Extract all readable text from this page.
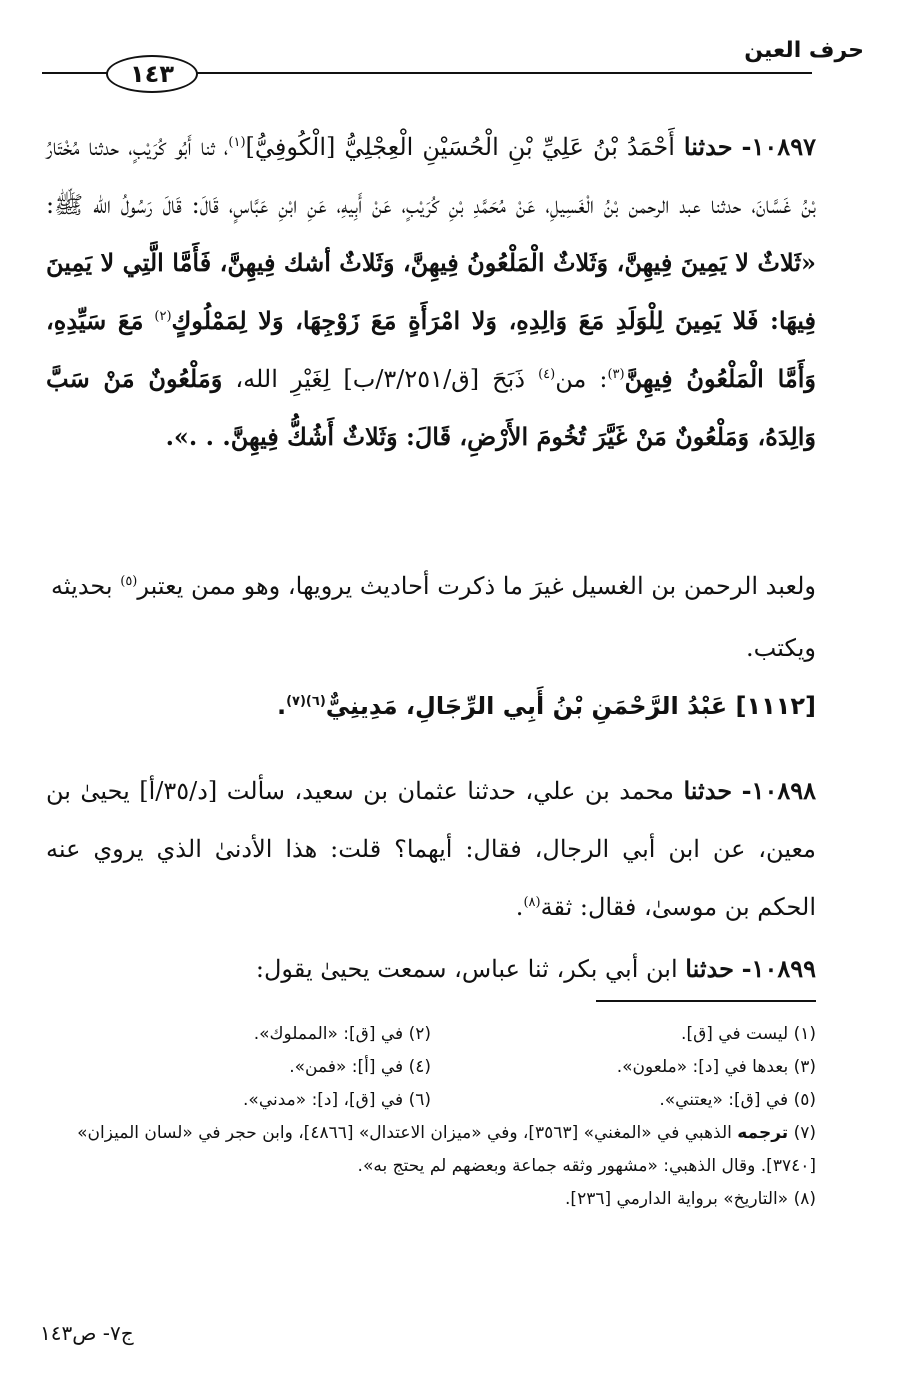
حرف العين
١٤٣

١٠٨٩٧- حدثنا أَحْمَدُ بْنُ عَلِيِّ بْنِ الْحُسَيْنِ الْعِجْلِيُّ [الْكُوفِيُّ]$^{(١)}$، ثنا أَبُو كُرَيْبٍ، حدثنا مُخْتَارُ بْنُ غَسَّانَ، حدثنا عبد الرحمن بْنُ الْغَسِيلِ، عَنْ مُحَمَّدِ بْنِ كُرَيْبٍ، عَنْ أَبِيهِ، عَنِ ابْنِ عَبَّاسٍ، قَالَ: قَالَ رَسُولُ الله ﷺ: «ثَلاثٌ لا يَمِينَ فِيهِنَّ، وَثَلاثٌ الْمَلْعُونُ فِيهِنَّ، وَثَلاثٌ أشك فِيهِنَّ، فَأَمَّا الَّتِي لا يَمِينَ فِيهَا: فَلا يَمِينَ لِلْوَلَدِ مَعَ وَالِدِهِ، وَلا امْرَأَةٍ مَعَ زَوْجِهَا، وَلا لِمَمْلُوكٍ$^{(٢)}$ مَعَ سَيِّدِهِ، وَأَمَّا الْمَلْعُونُ فِيهِنَّ$^{(٣)}$: من$^{(٤)}$ ذَبَحَ [ق/٣/٢٥١/ب] لِغَيْرِ الله، وَمَلْعُونٌ مَنْ سَبَّ وَالِدَهُ، وَمَلْعُونٌ مَنْ غَيَّرَ تُخُومَ الأَرْضِ، قَالَ: وَثَلاثٌ أَشُكُّ فِيهِنَّ. . .».

ولعبد الرحمن بن الغسيل غيرَ ما ذكرت أحاديث يرويها، وهو ممن يعتبر$^{(٥)}$ بحديثه ويكتب.
[١١١٢] عَبْدُ الرَّحْمَنِ بْنُ أَبِي الرِّجَالِ، مَدِينِيٌّ$^{(٦)(٧)}$.
١٠٨٩٨- حدثنا محمد بن علي، حدثنا عثمان بن سعيد، سألت [د/٣٥/أ] يحيىٰ بن معين، عن ابن أبي الرجال، فقال: أيهما؟ قلت: هذا الأدنىٰ الذي يروي عنه الحكم بن موسىٰ، فقال: ثقة$^{(٨)}$.
١٠٨٩٩- حدثنا ابن أبي بكر، ثنا عباس، سمعت يحيىٰ يقول:
(١) ليست في [ق].
(٢) في [ق]: «المملوك».
(٣) بعدها في [د]: «ملعون».
(٤) في [أ]: «فمن».
(٥) في [ق]: «يعتني».
(٦) في [ق]، [د]: «مدني».
(٧) ترجمه الذهبي في «المغني» [٣٥٦٣]، وفي «ميزان الاعتدال» [٤٨٦٦]، وابن حجر في «لسان الميزان» [٣٧٤٠]. وقال الذهبي: «مشهور وثقه جماعة وبعضهم لم يحتج به».
(٨) «التاريخ» برواية الدارمي [٢٣٦].
ج٧- ص١٤٣
